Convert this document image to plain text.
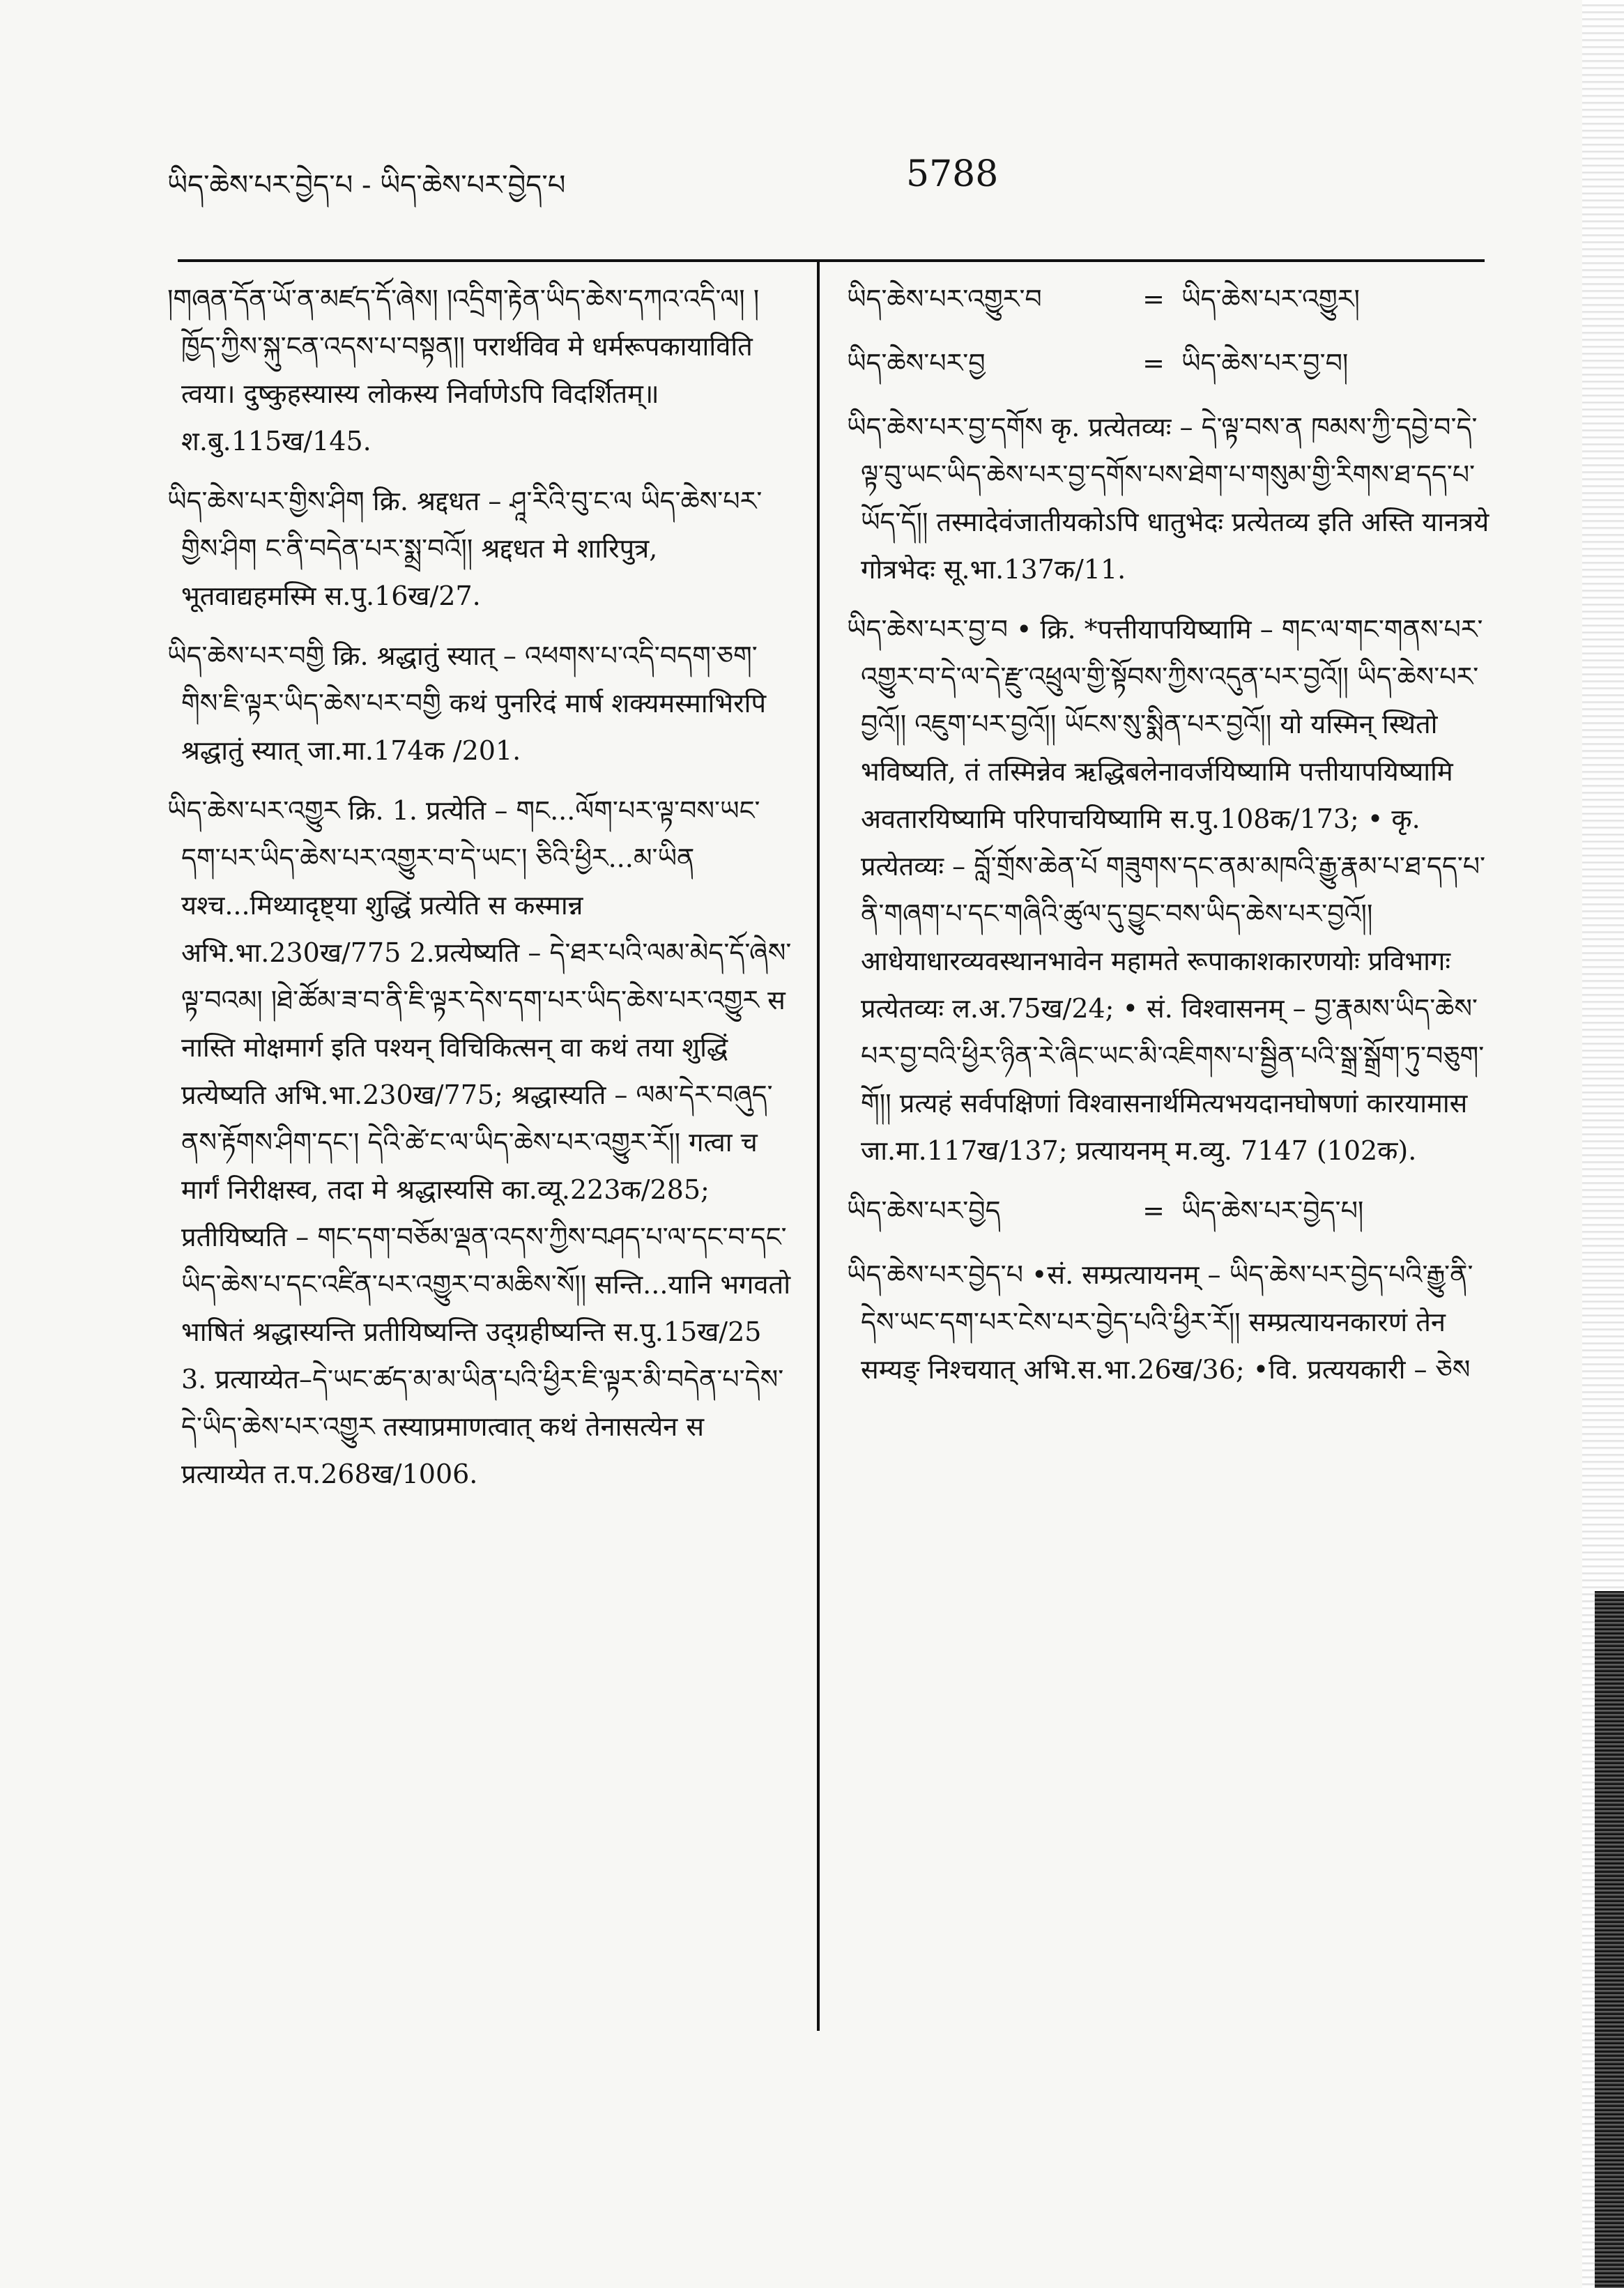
ཡིད་ཆེས་པར་བྱེད་པ - ཡིད་ཆེས་པར་བྱེད་པ	5788

།གཞན་དོན་ཡོ་ན་མཛད་དོ་ཞེས། །འདྲིག་རྟེན་ཡིད་ཆེས་དཀའ་འདི་ལ། །ཁྱོད་ཀྱིས་སྐུ་ངན་འདས་པ་བསྟན།། परार्थविव मे धर्मरूपकायाविति त्वया। दुष्कुहस्यास्य लोकस्य निर्वाणेऽपि विदर्शितम्॥ श.बु.115ख/145.

ཡིད་ཆེས་པར་གྱིས་ཤིག क्रि. श्रद्दधत – ཤཱ་རིའི་བུ་ང་ལ ཡིད་ཆེས་པར་གྱིས་ཤིག ང་ནི་བདེན་པར་སྨྲ་བའོ།། श्रद्दधत मे शारिपुत्र, भूतवाद्यहमस्मि स.पु.16ख/27.

ཡིད་ཆེས་པར་བགྱི क्रि. श्रद्धातुं स्यात् – འཕགས་པ་འདི་བདག་ཅག་གིས་ཇི་ལྟར་ཡིད་ཆེས་པར་བགྱི कथं पुनरिदं मार्ष शक्यमस्माभिरपि श्रद्धातुं स्यात् जा.मा.174क /201.

ཡིད་ཆེས་པར་འགྱུར क्रि. 1. प्रत्येति – གང...ལོག་པར་ལྟ་བས་ཡང་དག་པར་ཡིད་ཆེས་པར་འགྱུར་བ་དེ་ཡང་། ཅིའི་ཕྱིར...མ་ཡིན यश्च...मिथ्यादृष्ट्या शुद्धिं प्रत्येति स कस्मान्न अभि.भा.230ख/775 2.प्रत्येष्यति – དེ་ཐར་པའི་ལམ་མེད་དོ་ཞེས་ལྟ་བའམ། །ཐེ་ཚོམ་ཟ་བ་ནི་ཇི་ལྟར་དེས་དག་པར་ཡིད་ཆེས་པར་འགྱུར स नास्ति मोक्षमार्ग इति पश्यन् विचिकित्सन् वा कथं तया शुद्धिं प्रत्येष्यति अभि.भा.230ख/775; श्रद्धास्यति – ལམ་དེར་བཞུད་ནས་རྟོགས་ཤིག་དང་། དེའི་ཚེ་ང་ལ་ཡིད་ཆེས་པར་འགྱུར་རོ།། गत्वा च मार्गं निरीक्षस्व, तदा मे श्रद्धास्यसि का.व्यू.223क/285; प्रतीयिष्यति – གང་དག་བཅོམ་ལྡན་འདས་ཀྱིས་བཤད་པ་ལ་དང་བ་དང་ཡིད་ཆེས་པ་དང་འཛིན་པར་འགྱུར་བ་མཆིས་སོ།། सन्ति...यानि भगवतो भाषितं श्रद्धास्यन्ति प्रतीयिष्यन्ति उद्ग्रहीष्यन्ति स.पु.15ख/25 3. प्रत्याय्येत–དེ་ཡང་ཚད་མ་མ་ཡིན་པའི་ཕྱིར་ཇི་ལྟར་མི་བདེན་པ་དེས་དེ་ཡིད་ཆེས་པར་འགྱུར तस्याप्रमाणत्वात् कथं तेनासत्येन स प्रत्याय्येत त.प.268ख/1006.

ཡིད་ཆེས་པར་འགྱུར་བ	= ཡིད་ཆེས་པར་འགྱུར།
ཡིད་ཆེས་པར་བྱ	= ཡིད་ཆེས་པར་བྱ་བ།

ཡིད་ཆེས་པར་བྱ་དགོས कृ. प्रत्येतव्यः – དེ་ལྟ་བས་ན ཁམས་ཀྱི་དབྱེ་བ་དེ་ལྟ་བུ་ཡང་ཡིད་ཆེས་པར་བྱ་དགོས་པས་ཐེག་པ་གསུམ་གྱི་རིགས་ཐ་དད་པ་ཡོད་དོ།། तस्मादेवंजातीयकोऽपि धातुभेदः प्रत्येतव्य इति अस्ति यानत्रये गोत्रभेदः सू.भा.137क/11.

ཡིད་ཆེས་པར་བྱ་བ • क्रि. *पत्तीयापयिष्यामि – གང་ལ་གང་གནས་པར་འགྱུར་བ་དེ་ལ་དེ་རྫུ་འཕྲུལ་གྱི་སྟོབས་ཀྱིས་འདུན་པར་བྱའོ།། ཡིད་ཆེས་པར་བྱའོ།། འཇུག་པར་བྱའོ།། ཡོངས་སུ་སྨིན་པར་བྱའོ།། यो यस्मिन् स्थितो भविष्यति, तं तस्मिन्नेव ऋद्धिबलेनावर्जयिष्यामि पत्तीयापयिष्यामि अवतारयिष्यामि परिपाचयिष्यामि स.पु.108क/173; • कृ. प्रत्येतव्यः – བློ་གྲོས་ཆེན་པོ གཟུགས་དང་ནམ་མཁའི་རྒྱུ་རྣམ་པ་ཐ་དད་པ་ནི་གཞག་པ་དང་གཞིའི་ཚུལ་དུ་བྱུང་བས་ཡིད་ཆེས་པར་བྱའོ།། आधेयाधारव्यवस्थानभावेन महामते रूपाकाशकारणयोः प्रविभागः प्रत्येतव्यः ल.अ.75ख/24; • सं. विश्वासनम् – བྱ་རྣམས་ཡིད་ཆེས་པར་བྱ་བའི་ཕྱིར་ཉིན་རེ་ཞིང་ཡང་མི་འཇིགས་པ་སྦྱིན་པའི་སྒྲ་སྒྲོག་ཏུ་བཅུག་གོ།། प्रत्यहं सर्वपक्षिणां विश्वासनार्थमित्यभयदानघोषणां कारयामास जा.मा.117ख/137; प्रत्यायनम् म.व्यु. 7147 (102क).

ཡིད་ཆེས་པར་བྱེད	= ཡིད་ཆེས་པར་བྱེད་པ།

ཡིད་ཆེས་པར་བྱེད་པ •सं. सम्प्रत्यायनम् – ཡིད་ཆེས་པར་བྱེད་པའི་རྒྱུ་ནི་དེས་ཡང་དག་པར་ངེས་པར་བྱེད་པའི་ཕྱིར་རོ།། सम्प्रत्यायनकारणं तेन सम्यङ् निश्चयात् अभि.स.भा.26ख/36; •वि. प्रत्ययकारी – ཅེས
